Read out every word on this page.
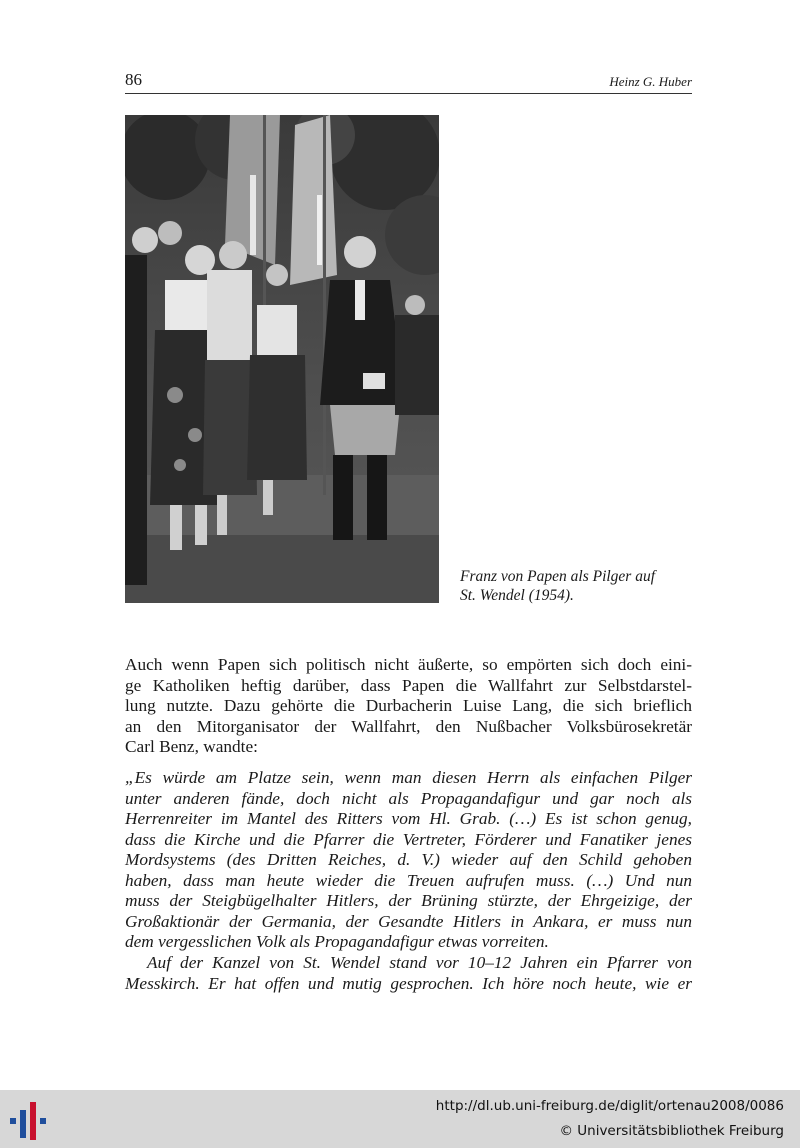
86	Heinz G. Huber
Franz von Papen als Pilger auf
St. Wendel (1954).
Auch wenn Papen sich politisch nicht äußerte, so empörten sich doch eini-
ge Katholiken heftig darüber, dass Papen die Wallfahrt zur Selbstdarstel-
lung nutzte. Dazu gehörte die Durbacherin Luise Lang, die sich brieflich
an den Mitorganisator der Wallfahrt, den Nußbacher Volksbürosekretär
Carl Benz, wandte:
„Es würde am Platze sein, wenn man diesen Herrn als einfachen Pilger
unter anderen fände, doch nicht als Propagandafigur und gar noch als
Herrenreiter im Mantel des Ritters vom Hl. Grab. (…) Es ist schon genug,
dass die Kirche und die Pfarrer die Vertreter, Förderer und Fanatiker jenes
Mordsystems (des Dritten Reiches, d. V.) wieder auf den Schild gehoben
haben, dass man heute wieder die Treuen aufrufen muss. (…) Und nun
muss der Steigbügelhalter Hitlers, der Brüning stürzte, der Ehrgeizige, der
Großaktionär der Germania, der Gesandte Hitlers in Ankara, er muss nun
dem vergesslichen Volk als Propagandafigur etwas vorreiten.
Auf der Kanzel von St. Wendel stand vor 10–12 Jahren ein Pfarrer von
Messkirch. Er hat offen und mutig gesprochen. Ich höre noch heute, wie er
http://dl.ub.uni-freiburg.de/diglit/ortenau2008/0086
© Universitätsbibliothek Freiburg
